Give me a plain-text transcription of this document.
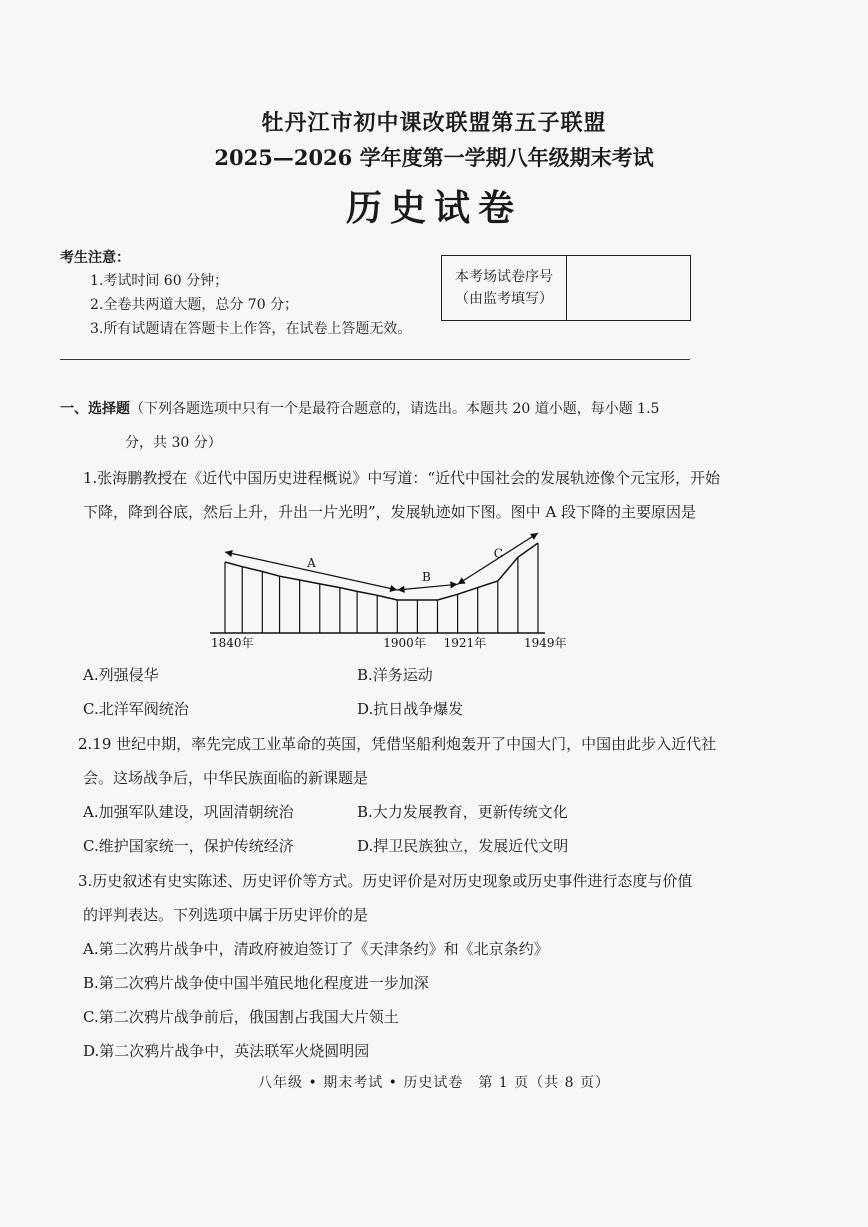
牡丹江市初中课改联盟第五子联盟
2025—2026 学年度第一学期八年级期末考试
历史试卷
考生注意：
1.考试时间 60 分钟；
2.全卷共两道大题，总分 70 分；
3.所有试题请在答题卡上作答，在试卷上答题无效。
本考场试卷序号
（由监考填写）
一、选择题（下列各题选项中只有一个是最符合题意的，请选出。本题共 20 道小题，每小题 1.5
分，共 30 分）
1.张海鹏教授在《近代中国历史进程概说》中写道：“近代中国社会的发展轨迹像个元宝形，开始
下降，降到谷底，然后上升，升出一片光明”，发展轨迹如下图。图中 A 段下降的主要原因是
1840年	1900年 1921年	1949年
A
B
C
A.列强侵华	B.洋务运动
C.北洋军阀统治	D.抗日战争爆发
2.19 世纪中期，率先完成工业革命的英国，凭借坚船利炮轰开了中国大门，中国由此步入近代社
会。这场战争后，中华民族面临的新课题是
A.加强军队建设，巩固清朝统治	B.大力发展教育，更新传统文化
C.维护国家统一，保护传统经济	D.捍卫民族独立，发展近代文明
3.历史叙述有史实陈述、历史评价等方式。历史评价是对历史现象或历史事件进行态度与价值
的评判表达。下列选项中属于历史评价的是
A.第二次鸦片战争中，清政府被迫签订了《天津条约》和《北京条约》
B.第二次鸦片战争使中国半殖民地化程度进一步加深
C.第二次鸦片战争前后，俄国割占我国大片领土
D.第二次鸦片战争中，英法联军火烧圆明园
八年级 • 期末考试 • 历史试卷　第 1 页（共 8 页）
